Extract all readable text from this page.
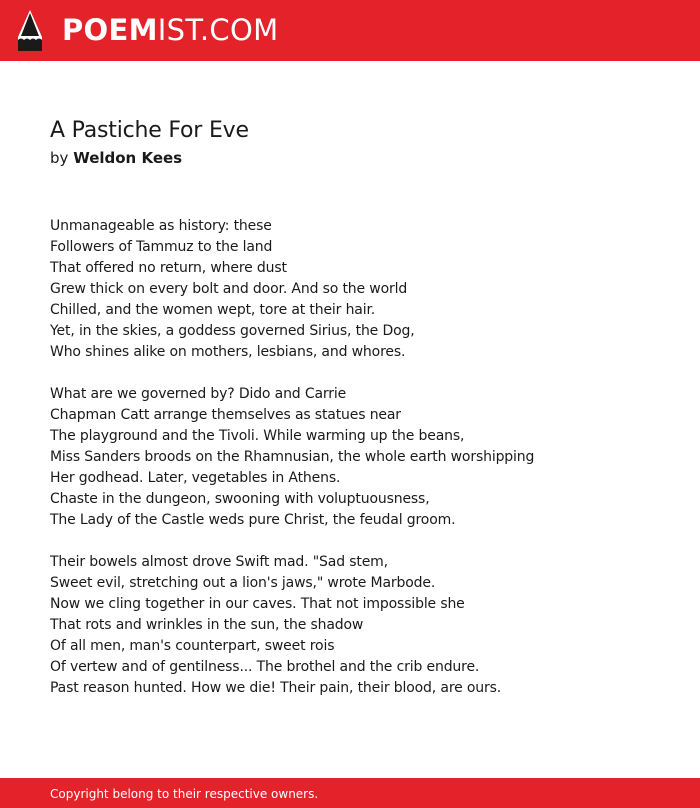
POEMIST.COM
A Pastiche For Eve
by Weldon Kees
Unmanageable as history: these
Followers of Tammuz to the land
That offered no return, where dust
Grew thick on every bolt and door. And so the world
Chilled, and the women wept, tore at their hair.
Yet, in the skies, a goddess governed Sirius, the Dog,
Who shines alike on mothers, lesbians, and whores.
What are we governed by? Dido and Carrie
Chapman Catt arrange themselves as statues near
The playground and the Tivoli. While warming up the beans,
Miss Sanders broods on the Rhamnusian, the whole earth worshipping
Her godhead. Later, vegetables in Athens.
Chaste in the dungeon, swooning with voluptuousness,
The Lady of the Castle weds pure Christ, the feudal groom.
Their bowels almost drove Swift mad. "Sad stem,
Sweet evil, stretching out a lion's jaws," wrote Marbode.
Now we cling together in our caves. That not impossible she
That rots and wrinkles in the sun, the shadow
Of all men, man's counterpart, sweet rois
Of vertew and of gentilness... The brothel and the crib endure.
Past reason hunted. How we die! Their pain, their blood, are ours.
Copyright belong to their respective owners.
